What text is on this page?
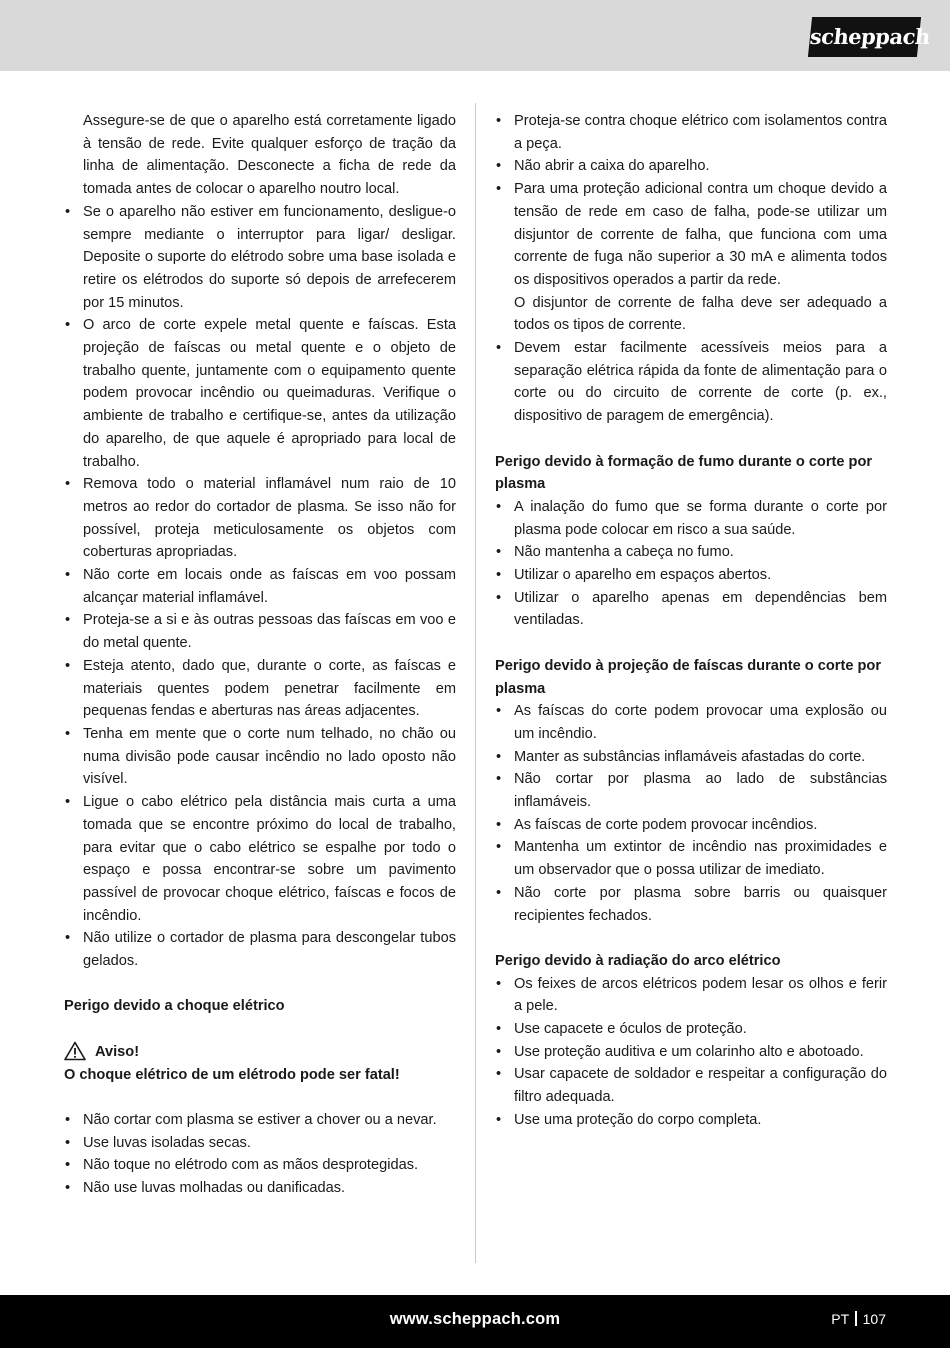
scheppach

Assegure-se de que o aparelho está corretamente ligado à tensão de rede. Evite qualquer esforço de tração da linha de alimentação. Desconecte a ficha de rede da tomada antes de colocar o aparelho noutro local.

• Se o aparelho não estiver em funcionamento, desligue-o sempre mediante o interruptor para ligar/ desligar. Deposite o suporte do elétrodo sobre uma base isolada e retire os elétrodos do suporte só depois de arrefecerem por 15 minutos.
• O arco de corte expele metal quente e faíscas. Esta projeção de faíscas ou metal quente e o objeto de trabalho quente, juntamente com o equipamento quente podem provocar incêndio ou queimaduras. Verifique o ambiente de trabalho e certifique-se, antes da utilização do aparelho, de que aquele é apropriado para local de trabalho.
• Remova todo o material inflamável num raio de 10 metros ao redor do cortador de plasma. Se isso não for possível, proteja meticulosamente os objetos com coberturas apropriadas.
• Não corte em locais onde as faíscas em voo possam alcançar material inflamável.
• Proteja-se a si e às outras pessoas das faíscas em voo e do metal quente.
• Esteja atento, dado que, durante o corte, as faíscas e materiais quentes podem penetrar facilmente em pequenas fendas e aberturas nas áreas adjacentes.
• Tenha em mente que o corte num telhado, no chão ou numa divisão pode causar incêndio no lado oposto não visível.
• Ligue o cabo elétrico pela distância mais curta a uma tomada que se encontre próximo do local de trabalho, para evitar que o cabo elétrico se espalhe por todo o espaço e possa encontrar-se sobre um pavimento passível de provocar choque elétrico, faíscas e focos de incêndio.
• Não utilize o cortador de plasma para descongelar tubos gelados.

Perigo devido a choque elétrico

Aviso!

O choque elétrico de um elétrodo pode ser fatal!

• Não cortar com plasma se estiver a chover ou a nevar.
• Use luvas isoladas secas.
• Não toque no elétrodo com as mãos desprotegidas.
• Não use luvas molhadas ou danificadas.
• Proteja-se contra choque elétrico com isolamentos contra a peça.
• Não abrir a caixa do aparelho.
• Para uma proteção adicional contra um choque devido a tensão de rede em caso de falha, pode-se utilizar um disjuntor de corrente de falha, que funciona com uma corrente de fuga não superior a 30 mA e alimenta todos os dispositivos operados a partir da rede.

O disjuntor de corrente de falha deve ser adequado a todos os tipos de corrente.

• Devem estar facilmente acessíveis meios para a separação elétrica rápida da fonte de alimentação para o corte ou do circuito de corrente de corte (p. ex., dispositivo de paragem de emergência).

Perigo devido à formação de fumo durante o corte por plasma

• A inalação do fumo que se forma durante o corte por plasma pode colocar em risco a sua saúde.
• Não mantenha a cabeça no fumo.
• Utilizar o aparelho em espaços abertos.
• Utilizar o aparelho apenas em dependências bem ventiladas.

Perigo devido à projeção de faíscas durante o corte por plasma

• As faíscas do corte podem provocar uma explosão ou um incêndio.
• Manter as substâncias inflamáveis afastadas do corte.
• Não cortar por plasma ao lado de substâncias inflamáveis.
• As faíscas de corte podem provocar incêndios.
• Mantenha um extintor de incêndio nas proximidades e um observador que o possa utilizar de imediato.
• Não corte por plasma sobre barris ou quaisquer recipientes fechados.

Perigo devido à radiação do arco elétrico

• Os feixes de arcos elétricos podem lesar os olhos e ferir a pele.
• Use capacete e óculos de proteção.
• Use proteção auditiva e um colarinho alto e abotoado.
• Usar capacete de soldador e respeitar a configuração do filtro adequada.
• Use uma proteção do corpo completa.
www.scheppach.com	PT 107
